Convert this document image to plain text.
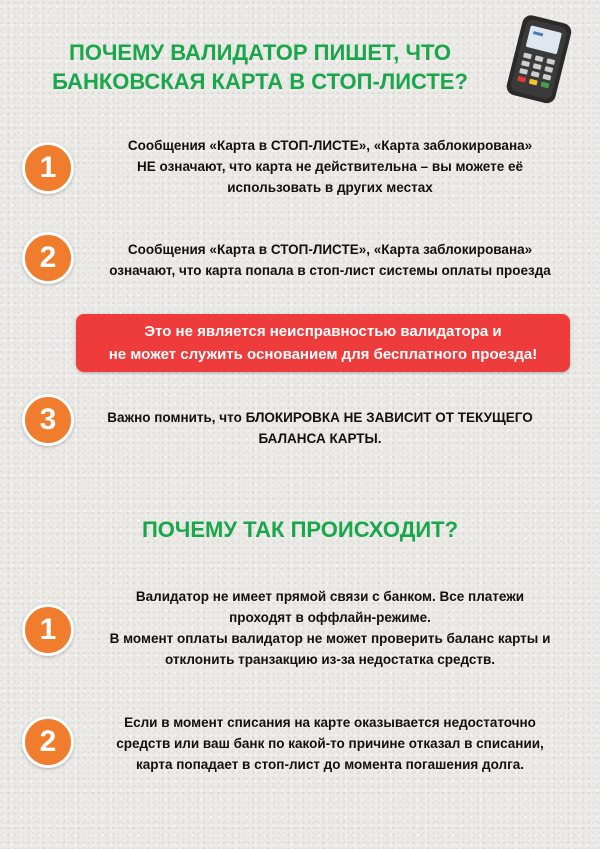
ПОЧЕМУ ВАЛИДАТОР ПИШЕТ, ЧТО
БАНКОВСКАЯ КАРТА В СТОП-ЛИСТЕ?
1

Сообщения «Карта в СТОП-ЛИСТЕ», «Карта заблокирована»
НЕ означают, что карта не действительна – вы можете её
использовать в других местах

2	Сообщения «Карта в СТОП-ЛИСТЕ», «Карта заблокирована»
означают, что карта попала в стоп-лист системы оплаты проезда

Это не является неисправностью валидатора и
не может служить основанием для бесплатного проезда!
3	Важно помнить, что БЛОКИРОВКА НЕ ЗАВИСИТ ОТ ТЕКУЩЕГО
БАЛАНСА КАРТЫ.

ПОЧЕМУ ТАК ПРОИСХОДИТ?
1

Валидатор не имеет прямой связи с банком. Все платежи
проходят в оффлайн-режиме.
В момент оплаты валидатор не может проверить баланс карты и
отклонить транзакцию из-за недостатка средств.

2

Если в момент списания на карте оказывается недостаточно
средств или ваш банк по какой-то причине отказал в списании,
карта попадает в стоп-лист до момента погашения долга.
